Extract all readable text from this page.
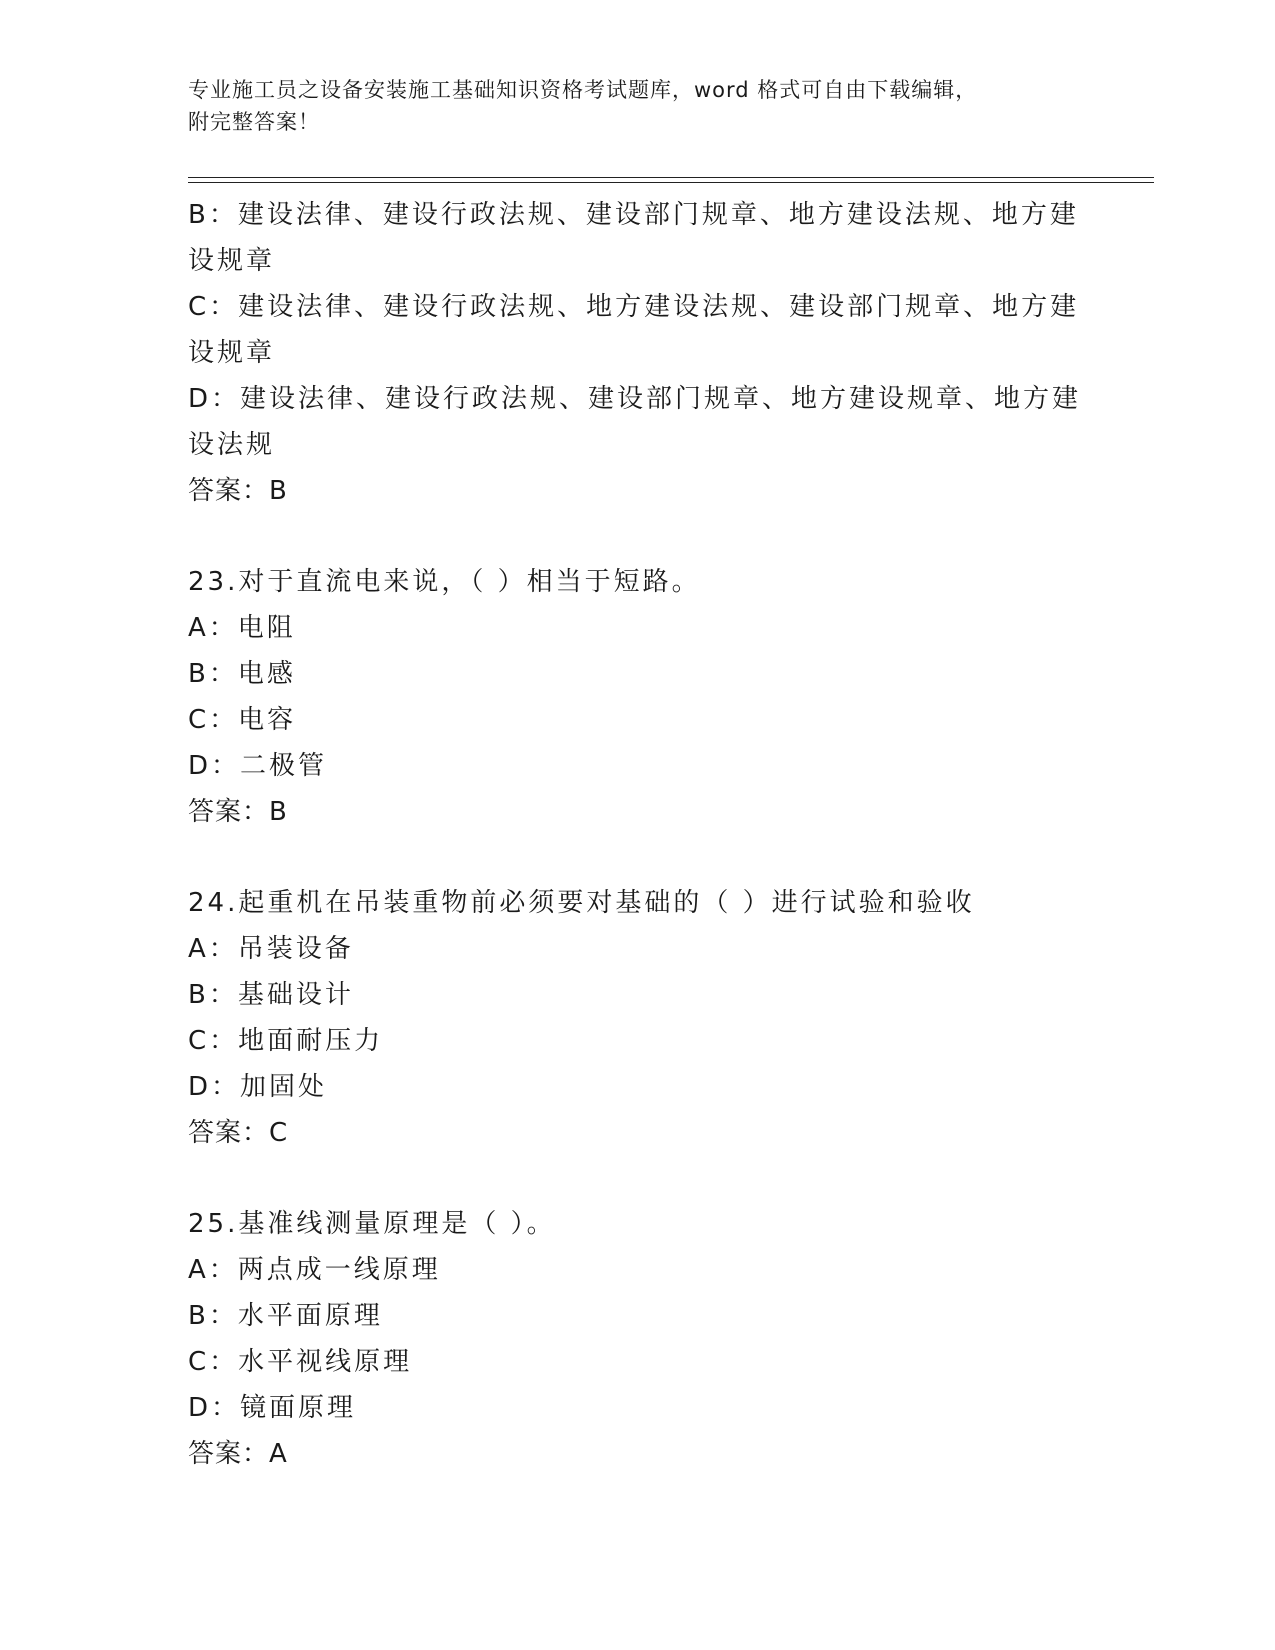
专业施工员之设备安装施工基础知识资格考试题库，word 格式可自由下载编辑，
附完整答案！
B：建设法律、建设行政法规、建设部门规章、地方建设法规、地方建
设规章
C：建设法律、建设行政法规、地方建设法规、建设部门规章、地方建
设规章
D：建设法律、建设行政法规、建设部门规章、地方建设规章、地方建
设法规
答案：B
23.对于直流电来说，（ ）相当于短路。
A：电阻
B：电感
C：电容
D：二极管
答案：B
24.起重机在吊装重物前必须要对基础的（ ）进行试验和验收
A：吊装设备
B：基础设计
C：地面耐压力
D：加固处
答案：C
25.基准线测量原理是（ ）。
A：两点成一线原理
B：水平面原理
C：水平视线原理
D：镜面原理
答案：A
